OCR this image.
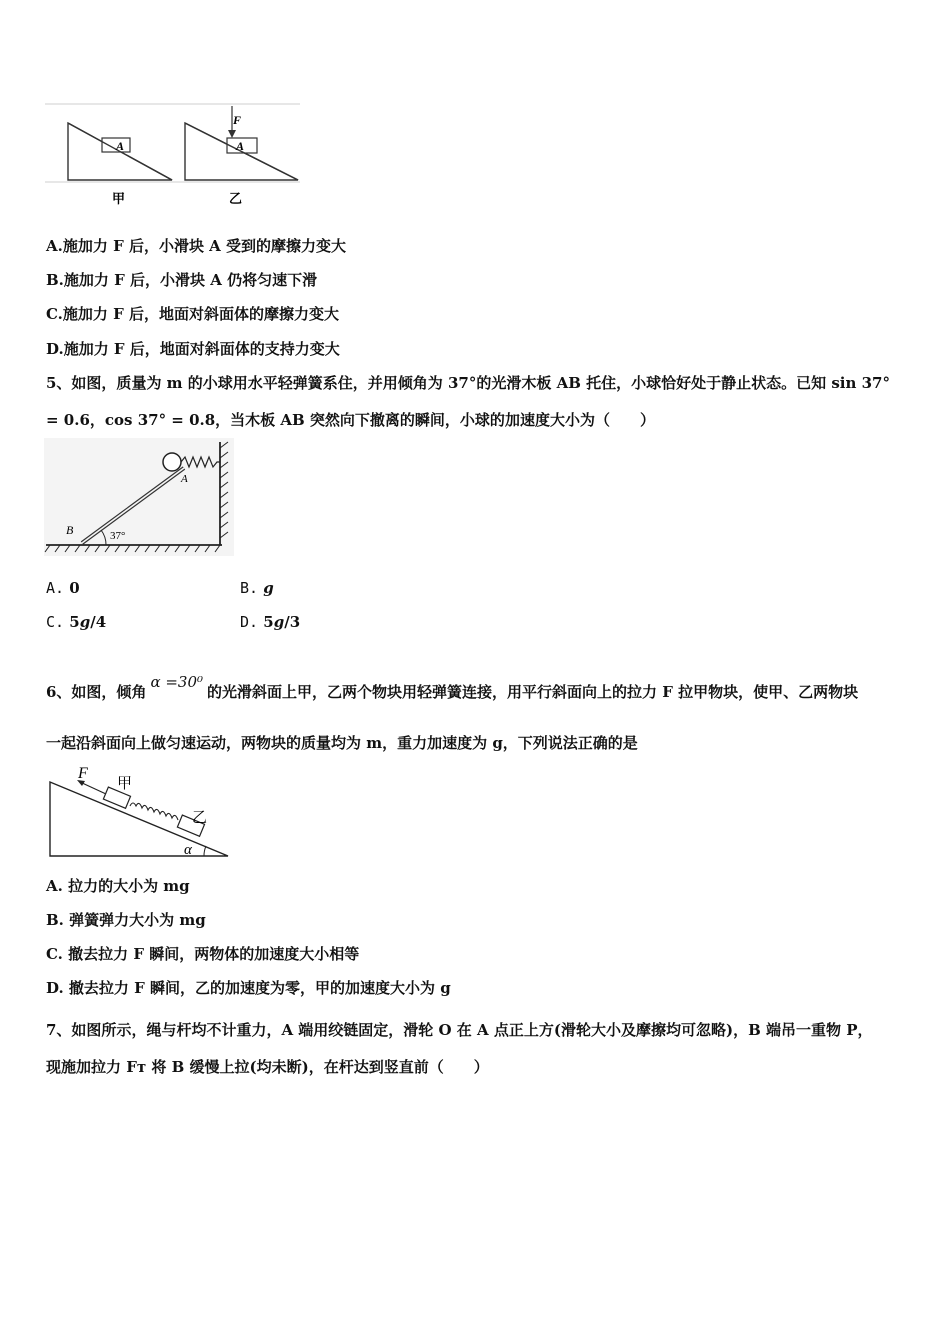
A
F
A
甲	乙
A.施加力 F 后，小滑块 A 受到的摩擦力变大
B.施加力 F 后，小滑块 A 仍将匀速下滑
C.施加力 F 后，地面对斜面体的摩擦力变大
D.施加力 F 后，地面对斜面体的支持力变大
5、如图，质量为 m 的小球用水平轻弹簧系住，并用倾角为 37°的光滑木板 AB 托住，小球恰好处于静止状态。已知 sin 37°
= 0.6，cos 37° = 0.8，当木板 AB 突然向下撤离的瞬间，小球的加速度大小为（　　）
B
A
37°
A. 0	B. g
C. 5g/4	D. 5g/3
6、如图，倾角α =30⁰的光滑斜面上甲，乙两个物块用轻弹簧连接，用平行斜面向上的拉力 F 拉甲物块，使甲、乙两物块
一起沿斜面向上做匀速运动，两物块的质量均为 m，重力加速度为 g，下列说法正确的是
F
甲
乙
α
A. 拉力的大小为 mg
B. 弹簧弹力大小为 mg
C. 撤去拉力 F 瞬间，两物体的加速度大小相等
D. 撤去拉力 F 瞬间，乙的加速度为零，甲的加速度大小为 g
7、如图所示，绳与杆均不计重力，A 端用绞链固定，滑轮 O 在 A 点正上方(滑轮大小及摩擦均可忽略)，B 端吊一重物 P，
现施加拉力 Fᴛ 将 B 缓慢上拉(均未断)，在杆达到竖直前（　　）
